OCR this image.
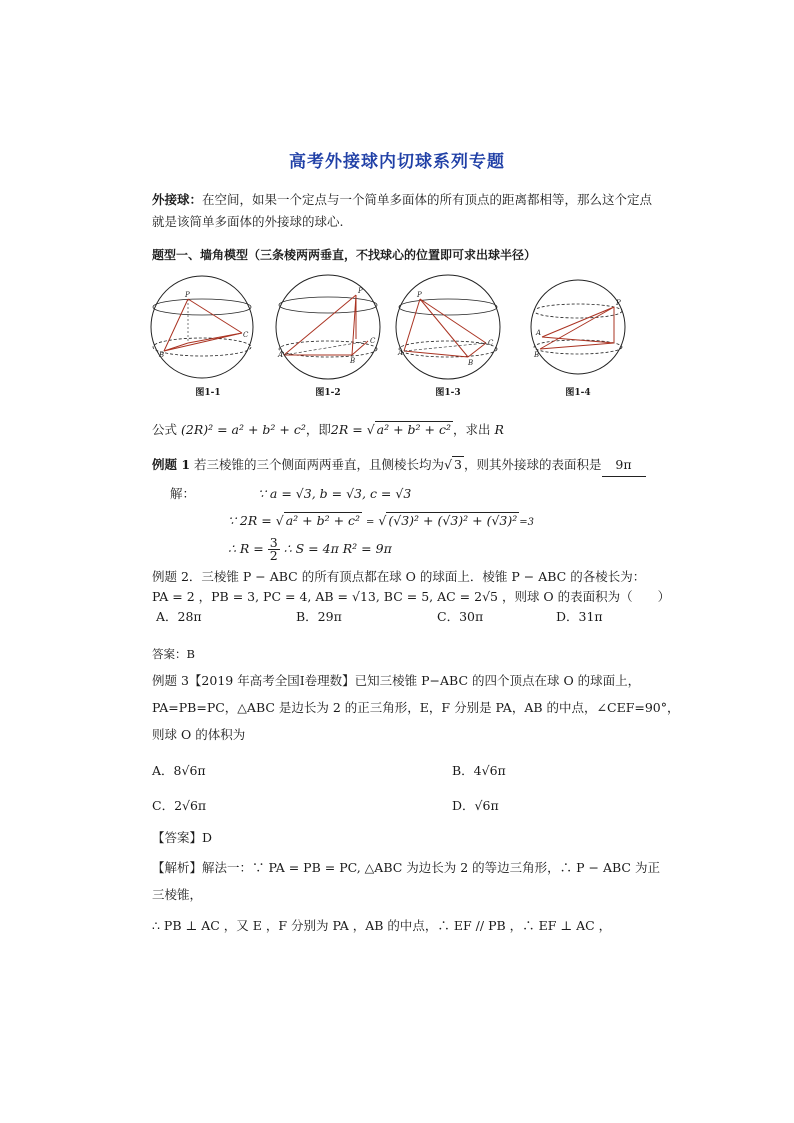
高考外接球内切球系列专题
外接球：在空间，如果一个定点与一个简单多面体的所有顶点的距离都相等，那么这个定点
就是该简单多面体的外接球的球心.
题型一、墙角模型（三条棱两两垂直，不找球心的位置即可求出球半径）
P
C
B
图1-1
P
A
B
C
图1-2
P
A
B
C
图1-3
P
A
B
图1-4
公式 (2R)² = a² + b² + c²，即2R = √ a² + b² + c² ，求出 R
例题 1 若三棱锥的三个侧面两两垂直，且侧棱长均为√ 3 ，则其外接球的表面积是 9π
解：	∵ a = √3, b = √3, c = √3
∵ 2R = √ a² + b² + c² = √ (√3)² + (√3)² + (√3)² =3
∴ $R = \frac{3}{2}$ ∴ S = 4π R² = 9π
例题 2．三棱锥 P − ABC 的所有顶点都在球 O 的球面上．棱锥 P − ABC 的各棱长为：
PA = 2 ，PB = 3, PC = 4, AB = √13, BC = 5, AC = 2√5 ，则球 O 的表面积为（　　）
A．28π	B．29π	C．30π	D．31π
答案：B
例题 3【2019 年高考全国Ⅰ卷理数】已知三棱锥 P−ABC 的四个顶点在球 O 的球面上，
PA=PB=PC，△ABC 是边长为 2 的正三角形，E，F 分别是 PA，AB 的中点，∠CEF=90°，
则球 O 的体积为
A．8√6π	B．4√6π
C．2√6π	D．√6π
【答案】D
【解析】解法一：∵ PA = PB = PC, △ABC 为边长为 2 的等边三角形，∴ P − ABC 为正
三棱锥，
∴ PB ⊥ AC ，又 E ，F 分别为 PA ，AB 的中点，∴ EF // PB ，∴ EF ⊥ AC ，
